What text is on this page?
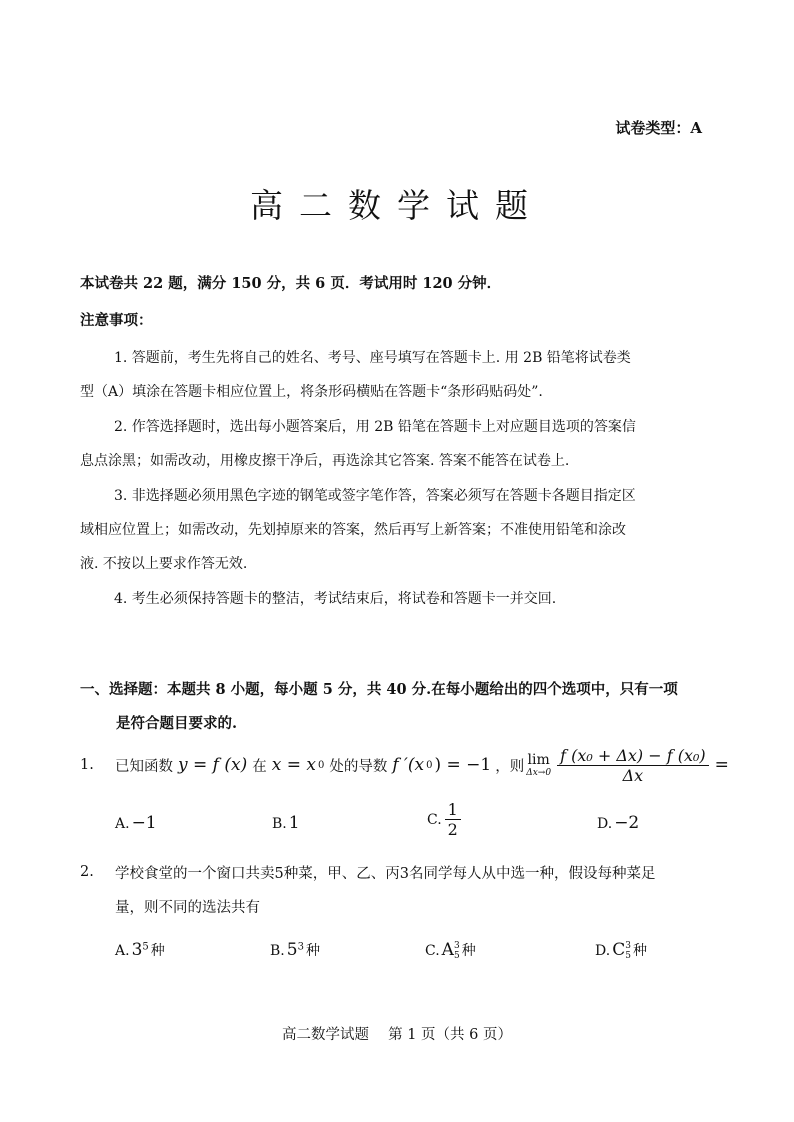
试卷类型：A
高二数学试题
本试卷共 22 题，满分 150 分，共 6 页．考试用时 120 分钟．
注意事项：
1. 答题前，考生先将自己的姓名、考号、座号填写在答题卡上. 用 2B 铅笔将试卷类
型（A）填涂在答题卡相应位置上，将条形码横贴在答题卡“条形码贴码处”.
2. 作答选择题时，选出每小题答案后，用 2B 铅笔在答题卡上对应题目选项的答案信
息点涂黑；如需改动，用橡皮擦干净后，再选涂其它答案. 答案不能答在试卷上.
3. 非选择题必须用黑色字迹的钢笔或签字笔作答，答案必须写在答题卡各题目指定区
域相应位置上；如需改动，先划掉原来的答案，然后再写上新答案；不准使用铅笔和涂改
液. 不按以上要求作答无效.
4. 考生必须保持答题卡的整洁，考试结束后，将试卷和答题卡一并交回.
一、选择题：本题共 8 小题，每小题 5 分，共 40 分.在每小题给出的四个选项中，只有一项
是符合题目要求的.
1. 已知函数 y = f (x) 在 x = x 0 处的导数 f ′(x 0 ) = −1 ，则 lim
$\Delta x\to 0 \frac{\text{f (x₀ + Δx) − f (x₀)}}{\Delta x}$ =
A. −1	B. 1	C. $\frac{1}{2}$	D. −2
2. 学校食堂的一个窗口共卖5种菜，甲、乙、丙3名同学每人从中选一种，假设每种菜足
量，则不同的选法共有
A. $3^5$ 种	B. $5^3$ 种	C. A 3
5 种	D. C 3
5 种
高二数学试题　 第 1 页（共 6 页）
